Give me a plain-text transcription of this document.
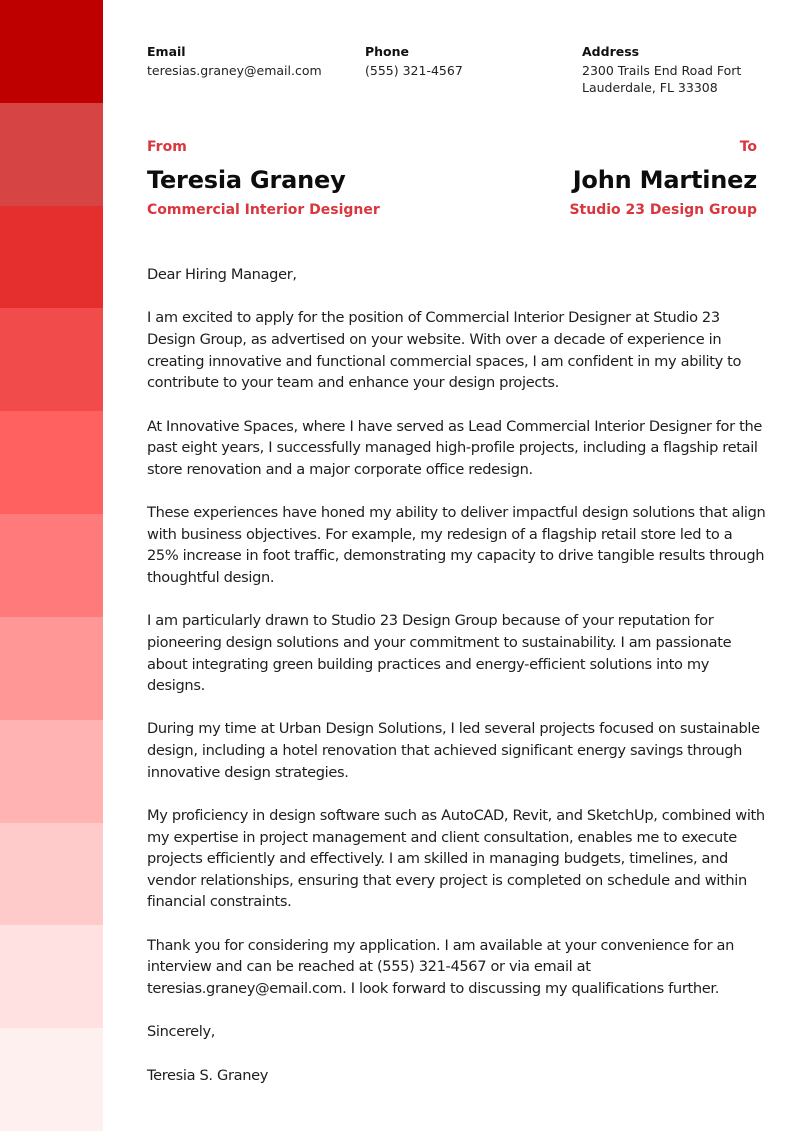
Email
teresias.graney@email.com
Phone
(555) 321-4567
Address
2300 Trails End Road Fort
Lauderdale, FL 33308
From
Teresia Graney
Commercial Interior Designer
To
John Martinez
Studio 23 Design Group

Dear Hiring Manager,

I am excited to apply for the position of Commercial Interior Designer at Studio 23 Design Group, as advertised on your website. With over a decade of experience in creating innovative and functional commercial spaces, I am confident in my ability to contribute to your team and enhance your design projects.

At Innovative Spaces, where I have served as Lead Commercial Interior Designer for the past eight years, I successfully managed high-profile projects, including a flagship retail store renovation and a major corporate office redesign.

These experiences have honed my ability to deliver impactful design solutions that align with business objectives. For example, my redesign of a flagship retail store led to a 25% increase in foot traffic, demonstrating my capacity to drive tangible results through thoughtful design.

I am particularly drawn to Studio 23 Design Group because of your reputation for pioneering design solutions and your commitment to sustainability. I am passionate about integrating green building practices and energy-efficient solutions into my designs.

During my time at Urban Design Solutions, I led several projects focused on sustainable design, including a hotel renovation that achieved significant energy savings through innovative design strategies.

My proficiency in design software such as AutoCAD, Revit, and SketchUp, combined with my expertise in project management and client consultation, enables me to execute projects efficiently and effectively. I am skilled in managing budgets, timelines, and vendor relationships, ensuring that every project is completed on schedule and within financial constraints.

Thank you for considering my application. I am available at your convenience for an interview and can be reached at (555) 321-4567 or via email at teresias.graney@email.com. I look forward to discussing my qualifications further.

Sincerely,

Teresia S. Graney
